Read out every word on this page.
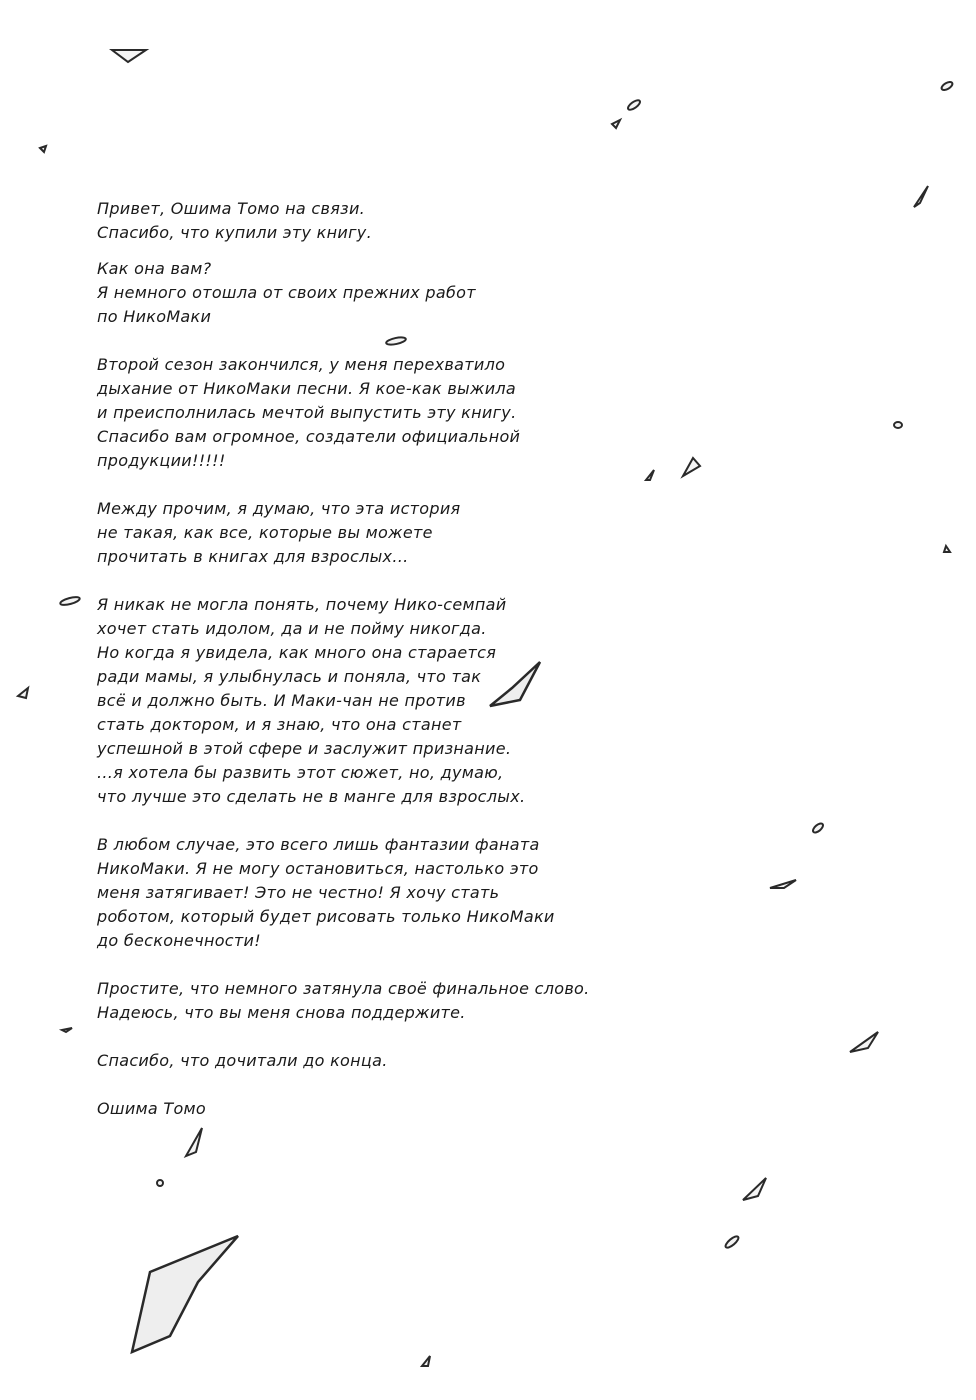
Привет, Ошима Томо на связи.
Спасибо, что купили эту книгу.
Как она вам?
Я немного отошла от своих прежних работ
по НикоМаки
Второй сезон закончился, у меня перехватило
дыхание от НикоМаки песни. Я кое-как выжила
и преисполнилась мечтой выпустить эту книгу.
Спасибо вам огромное, создатели официальной
продукции!!!!!
Между прочим, я думаю, что эта история
не такая, как все, которые вы можете
прочитать в книгах для взрослых...
Я никак не могла понять, почему Нико-семпай
хочет стать идолом, да и не пойму никогда.
Но когда я увидела, как много она старается
ради мамы, я улыбнулась и поняла, что так
всё и должно быть. И Маки-чан не против
стать доктором, и я знаю, что она станет
успешной в этой сфере и заслужит признание.
...я хотела бы развить этот сюжет, но, думаю,
что лучше это сделать не в манге для взрослых.
В любом случае, это всего лишь фантазии фаната
НикоМаки. Я не могу остановиться, настолько это
меня затягивает! Это не честно! Я хочу стать
роботом, который будет рисовать только НикоМаки
до бесконечности!
Простите, что немного затянула своё финальное слово.
Надеюсь, что вы меня снова поддержите.
Спасибо, что дочитали до конца.
Ошима Томо
